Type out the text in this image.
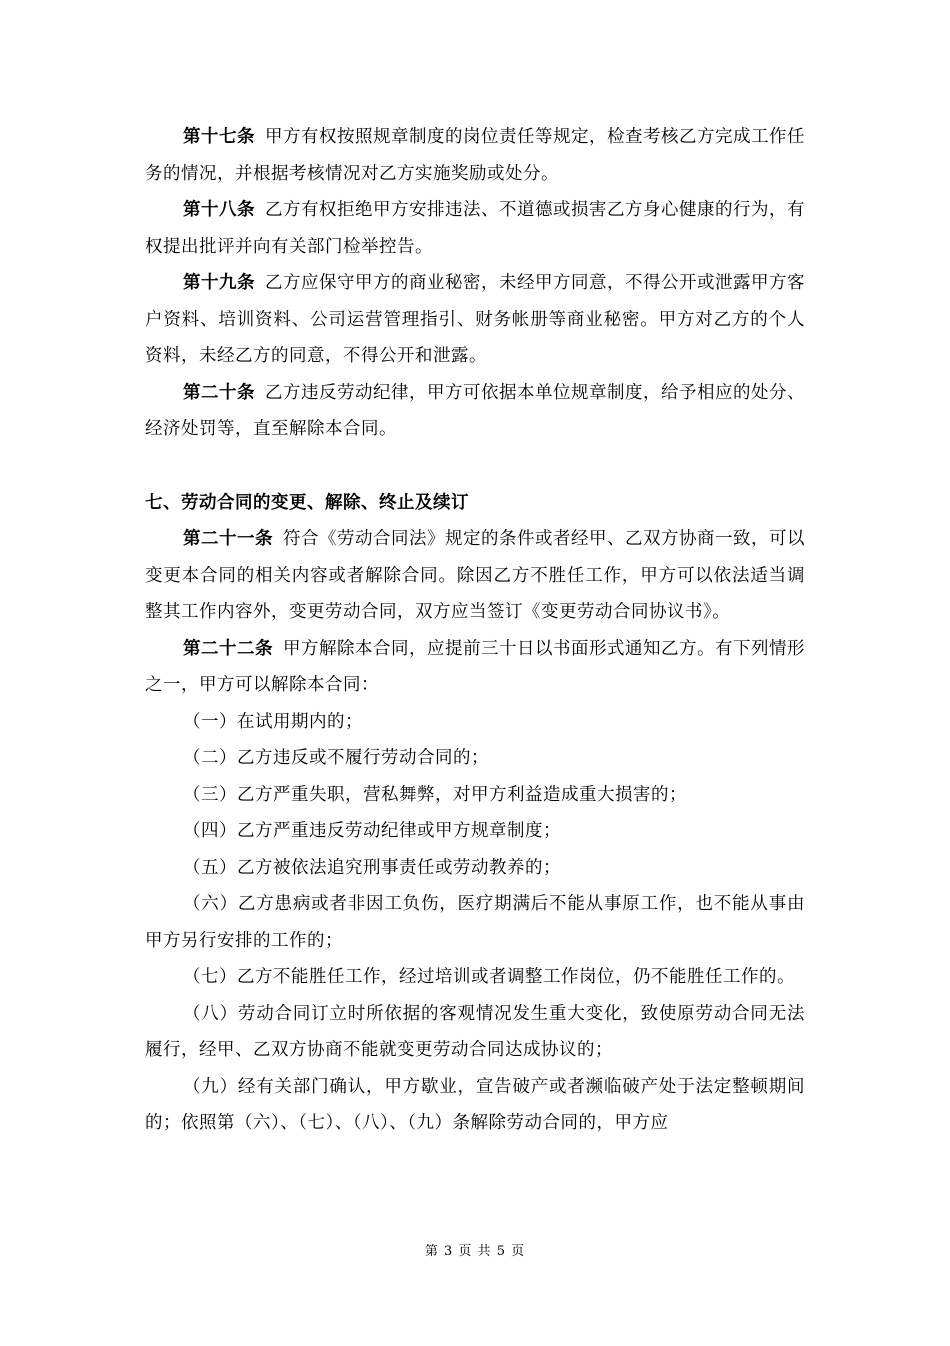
第十七条 甲方有权按照规章制度的岗位责任等规定，检查考核乙方完成工作任务的情况，并根据考核情况对乙方实施奖励或处分。

第十八条 乙方有权拒绝甲方安排违法、不道德或损害乙方身心健康的行为，有权提出批评并向有关部门检举控告。

第十九条 乙方应保守甲方的商业秘密，未经甲方同意，不得公开或泄露甲方客户资料、培训资料、公司运营管理指引、财务帐册等商业秘密。甲方对乙方的个人资料，未经乙方的同意，不得公开和泄露。

第二十条 乙方违反劳动纪律，甲方可依据本单位规章制度，给予相应的处分、经济处罚等，直至解除本合同。

七、劳动合同的变更、解除、终止及续订

第二十一条 符合《劳动合同法》规定的条件或者经甲、乙双方协商一致，可以变更本合同的相关内容或者解除合同。除因乙方不胜任工作，甲方可以依法适当调整其工作内容外，变更劳动合同，双方应当签订《变更劳动合同协议书》。

第二十二条 甲方解除本合同，应提前三十日以书面形式通知乙方。有下列情形之一，甲方可以解除本合同：

（一）在试用期内的；

（二）乙方违反或不履行劳动合同的；

（三）乙方严重失职，营私舞弊，对甲方利益造成重大损害的；

（四）乙方严重违反劳动纪律或甲方规章制度；

（五）乙方被依法追究刑事责任或劳动教养的；

（六）乙方患病或者非因工负伤，医疗期满后不能从事原工作，也不能从事由甲方另行安排的工作的；

（七）乙方不能胜任工作，经过培训或者调整工作岗位，仍不能胜任工作的。

（八）劳动合同订立时所依据的客观情况发生重大变化，致使原劳动合同无法履行，经甲、乙双方协商不能就变更劳动合同达成协议的；

（九）经有关部门确认，甲方歇业，宣告破产或者濒临破产处于法定整顿期间的；依照第（六）、（七）、（八）、（九）条解除劳动合同的，甲方应

第 3 页 共 5 页
